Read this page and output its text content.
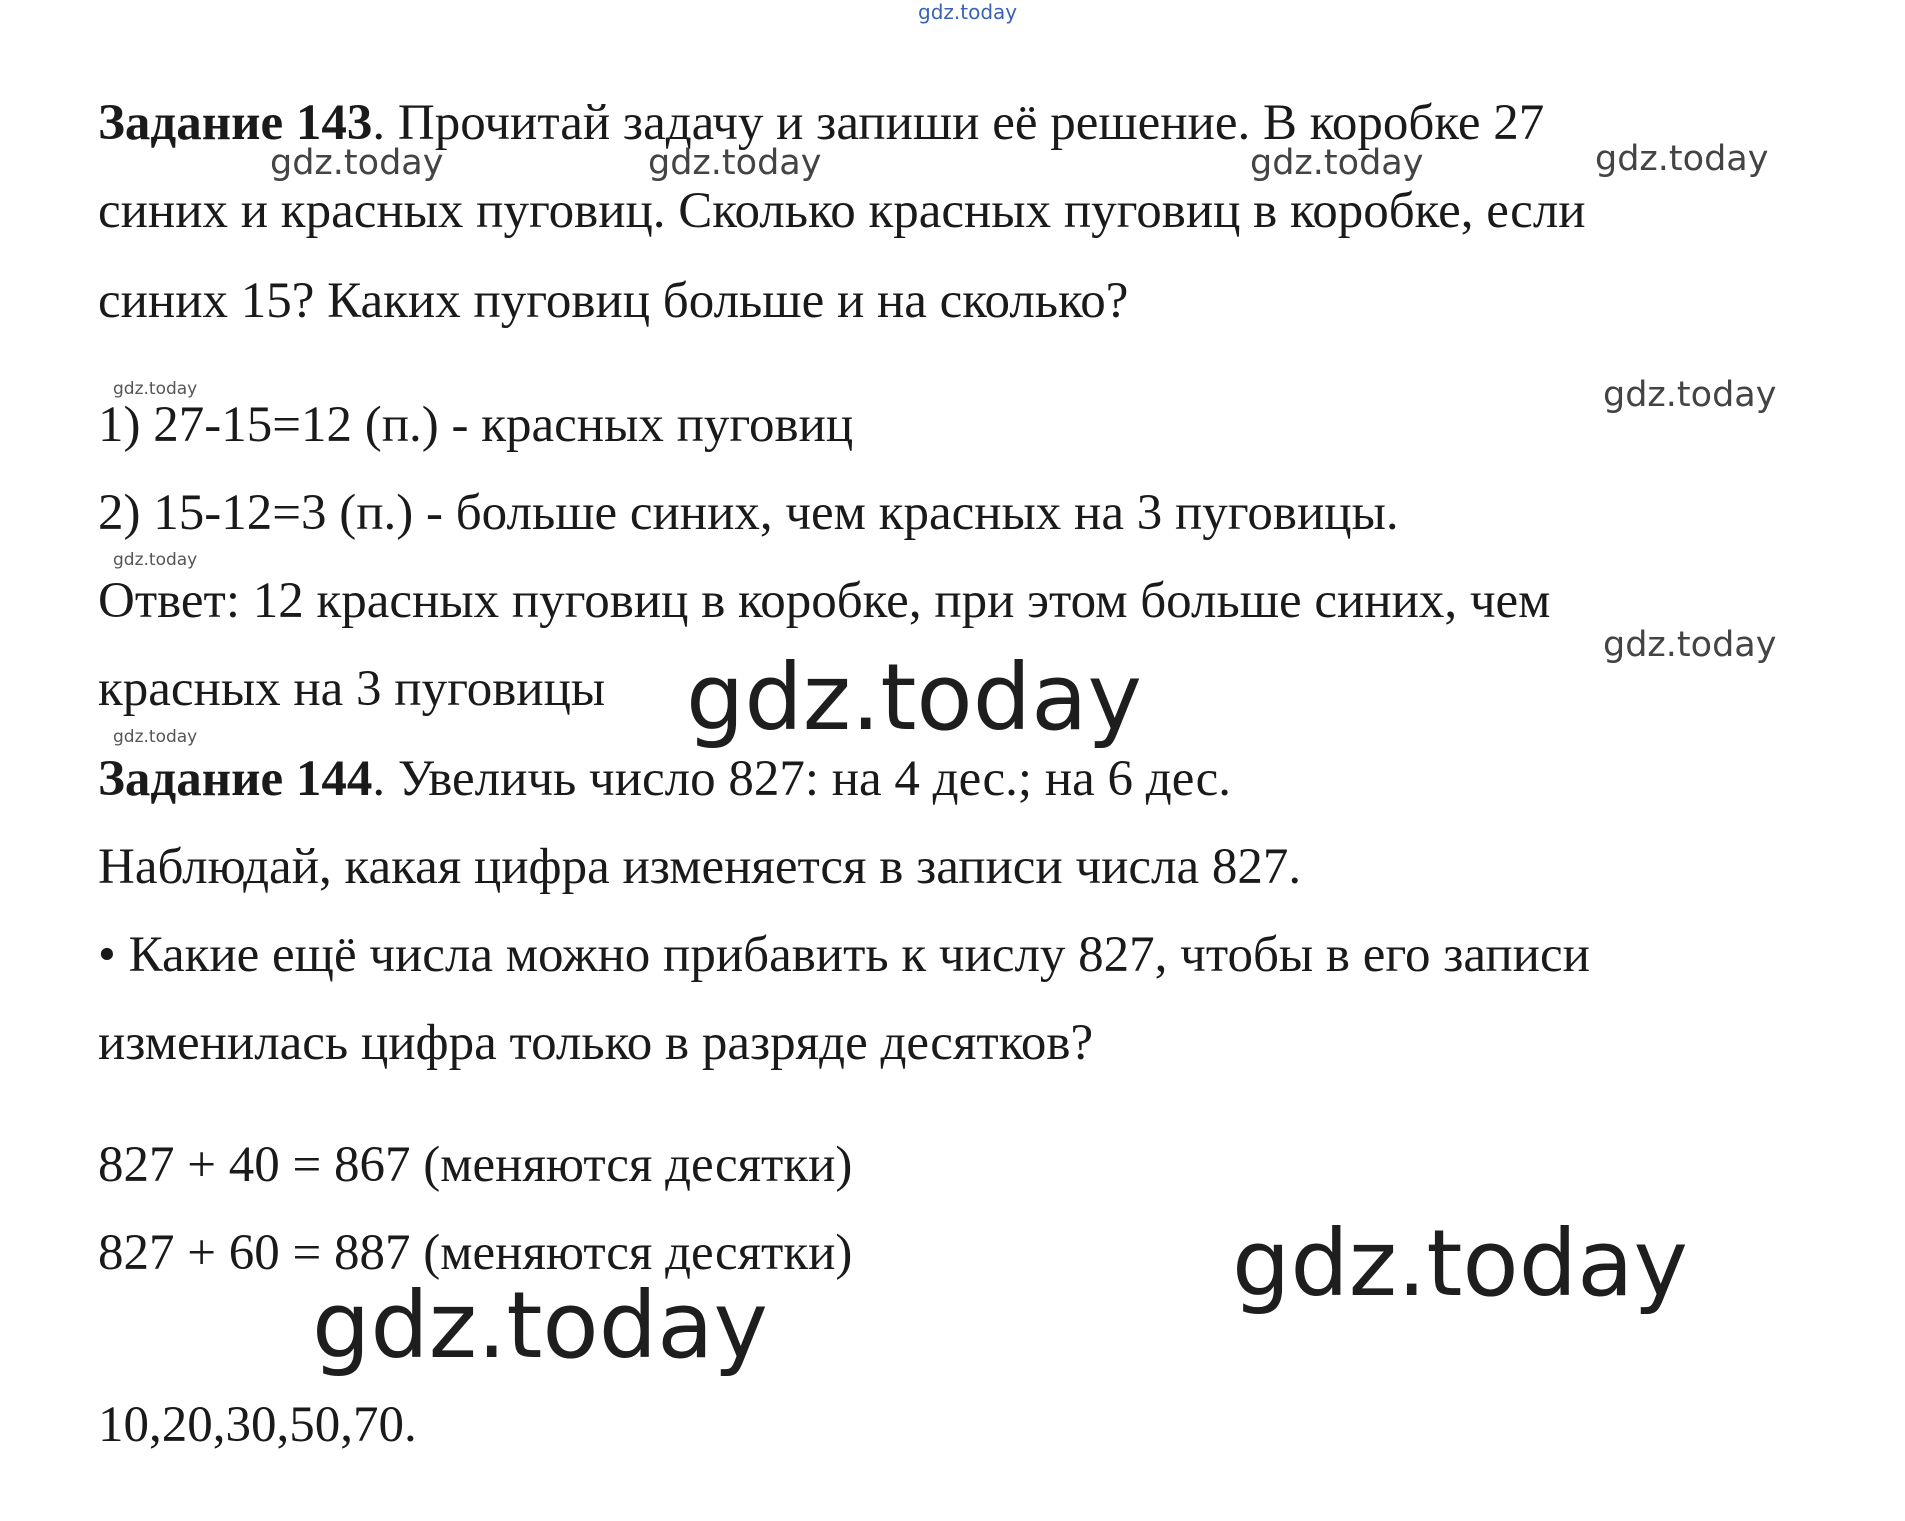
Задание 143. Прочитай задачу и запиши её решение. В коробке 27
синих и красных пуговиц. Сколько красных пуговиц в коробке, если
синих 15? Каких пуговиц больше и на сколько?
1) 27-15=12 (п.) - красных пуговиц
2) 15-12=3 (п.) - больше синих, чем красных на 3 пуговицы.
Ответ: 12 красных пуговиц в коробке, при этом больше синих, чем
красных на 3 пуговицы
Задание 144. Увеличь число 827: на 4 дес.; на 6 дес.
Наблюдай, какая цифра изменяется в записи числа 827.
• Какие ещё числа можно прибавить к числу 827, чтобы в его записи
изменилась цифра только в разряде десятков?
827 + 40 = 867 (меняются десятки)
827 + 60 = 887 (меняются десятки)
10,20,30,50,70.
gdz.today
gdz.today	gdz.today	gdz.today	gdz.today
gdz.today	gdz.today
gdz.today
gdz.today
gdz.today
gdz.today
gdz.today
gdz.today
